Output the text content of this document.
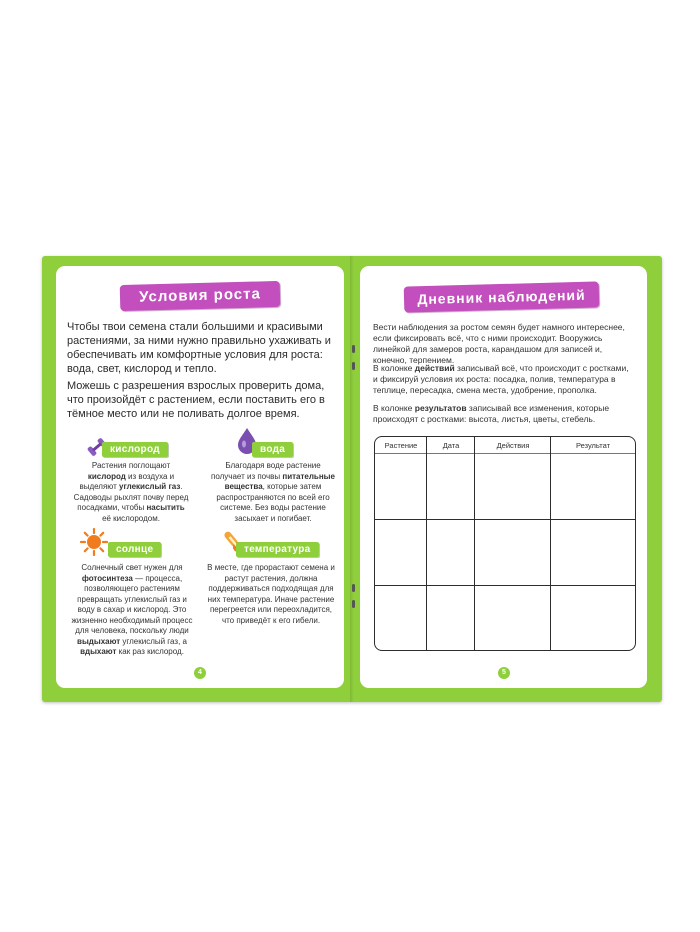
Условия роста
Чтобы твои семена стали большими и красивыми растениями, за ними нужно правильно ухаживать и обеспечивать им комфортные условия для роста: вода, свет, кислород и тепло.
Можешь с разрешения взрослых проверить дома, что произойдёт с растением, если поставить его в тёмное место или не поливать долгое время.
кислород
Растения поглощают кислород из воздуха и выделяют углекислый газ. Садоводы рыхлят почву перед посадками, чтобы насытить её кислородом.
вода
Благодаря воде растение получает из почвы питательные вещества, которые затем распространяются по всей его системе. Без воды растение засыхает и погибает.
солнце
Солнечный свет нужен для фотосинтеза — процесса, позволяющего растениям превращать углекислый газ и воду в сахар и кислород. Это жизненно необходимый процесс для человека, поскольку люди выдыхают углекислый газ, а вдыхают как раз кислород.
температура
В месте, где прорастают семена и растут растения, должна поддерживаться подходящая для них температура. Иначе растение перегреется или переохладится, что приведёт к его гибели.
4
Дневник наблюдений
Вести наблюдения за ростом семян будет намного интереснее, если фиксировать всё, что с ними происходит. Вооружись линейкой для замеров роста, карандашом для записей и, конечно, терпением.
В колонке действий записывай всё, что происходит с ростками, и фиксируй условия их роста: посадка, полив, температура в теплице, пересадка, смена места, удобрение, прополка.
В колонке результатов записывай все изменения, которые происходят с ростками: высота, листья, цветы, стебель.
Растение	Дата	Действия	Результат
5
